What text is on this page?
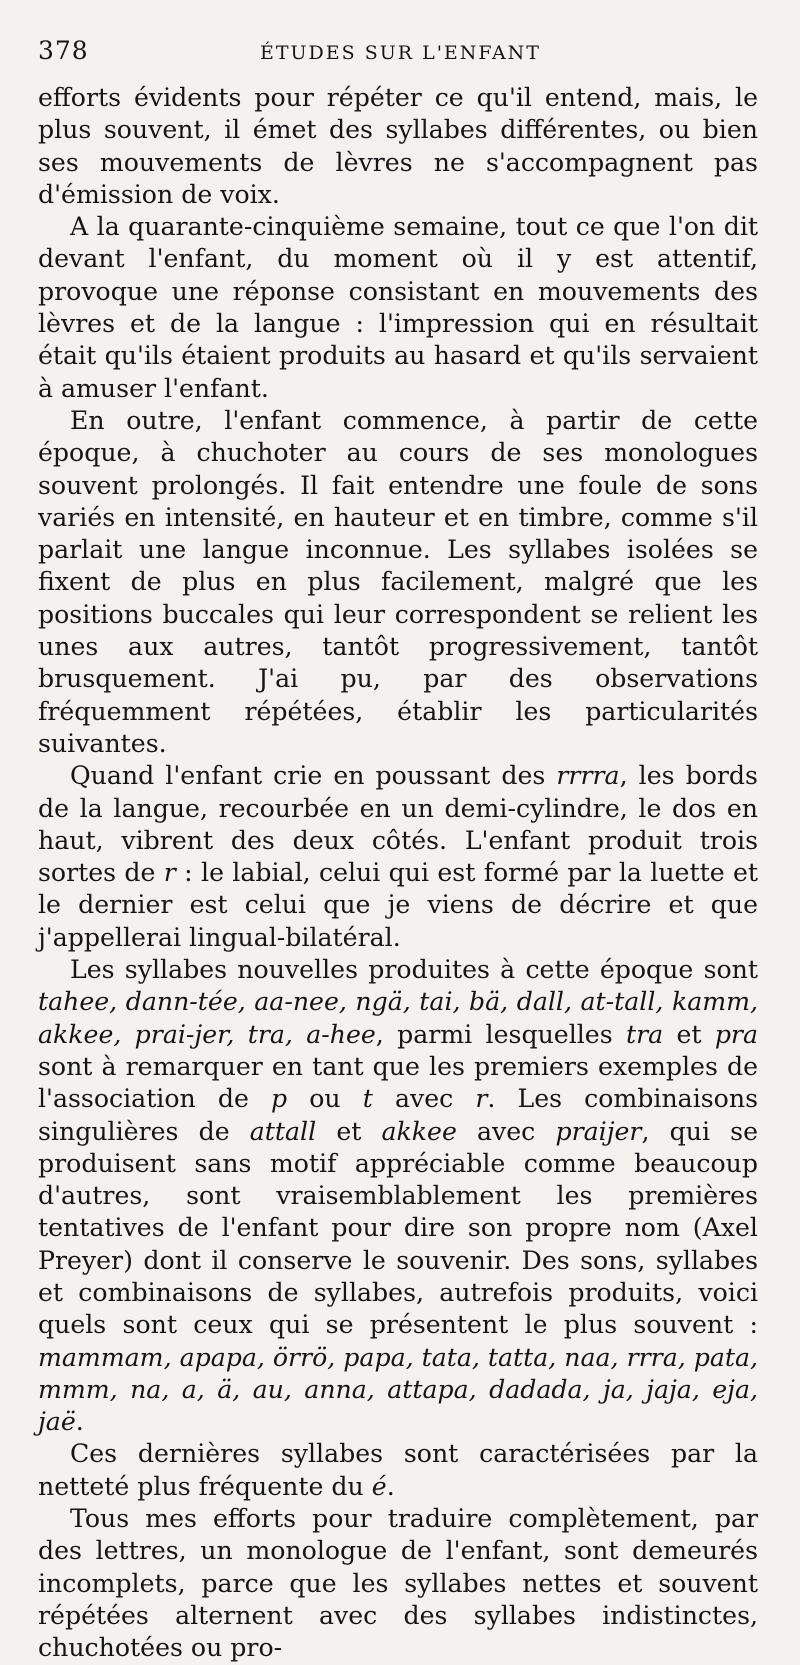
378	ÉTUDES SUR L'ENFANT

efforts évidents pour répéter ce qu'il entend, mais, le plus souvent, il émet des syllabes différentes, ou bien ses mouvements de lèvres ne s'accompagnent pas d'émission de voix.

A la quarante-cinquième semaine, tout ce que l'on dit devant l'enfant, du moment où il y est attentif, provoque une réponse consistant en mouvements des lèvres et de la langue : l'impression qui en résultait était qu'ils étaient produits au hasard et qu'ils servaient à amuser l'enfant.

En outre, l'enfant commence, à partir de cette époque, à chuchoter au cours de ses monologues souvent prolongés. Il fait entendre une foule de sons variés en intensité, en hauteur et en timbre, comme s'il parlait une langue inconnue. Les syllabes isolées se fixent de plus en plus facilement, malgré que les positions buccales qui leur correspondent se relient les unes aux autres, tantôt progressivement, tantôt brusquement. J'ai pu, par des observations fréquemment répétées, établir les particularités suivantes.

Quand l'enfant crie en poussant des rrrra, les bords de la langue, recourbée en un demi-cylindre, le dos en haut, vibrent des deux côtés. L'enfant produit trois sortes de r : le labial, celui qui est formé par la luette et le dernier est celui que je viens de décrire et que j'appellerai lingual-bilatéral.

Les syllabes nouvelles produites à cette époque sont tahee, dann-tée, aa-nee, ngä, tai, bä, dall, at-tall, kamm, akkee, prai-jer, tra, a-hee, parmi lesquelles tra et pra sont à remarquer en tant que les premiers exemples de l'association de p ou t avec r. Les combinaisons singulières de attall et akkee avec praijer, qui se produisent sans motif appréciable comme beaucoup d'autres, sont vraisemblablement les premières tentatives de l'enfant pour dire son propre nom (Axel Preyer) dont il conserve le souvenir. Des sons, syllabes et combinaisons de syllabes, autrefois produits, voici quels sont ceux qui se présentent le plus souvent : mammam, apapa, örrö, papa, tata, tatta, naa, rrra, pata, mmm, na, a, ä, au, anna, attapa, dadada, ja, jaja, eja, jaë.

Ces dernières syllabes sont caractérisées par la netteté plus fréquente du é.

Tous mes efforts pour traduire complètement, par des lettres, un monologue de l'enfant, sont demeurés incomplets, parce que les syllabes nettes et souvent répétées alternent avec des syllabes indistinctes, chuchotées ou pro-
